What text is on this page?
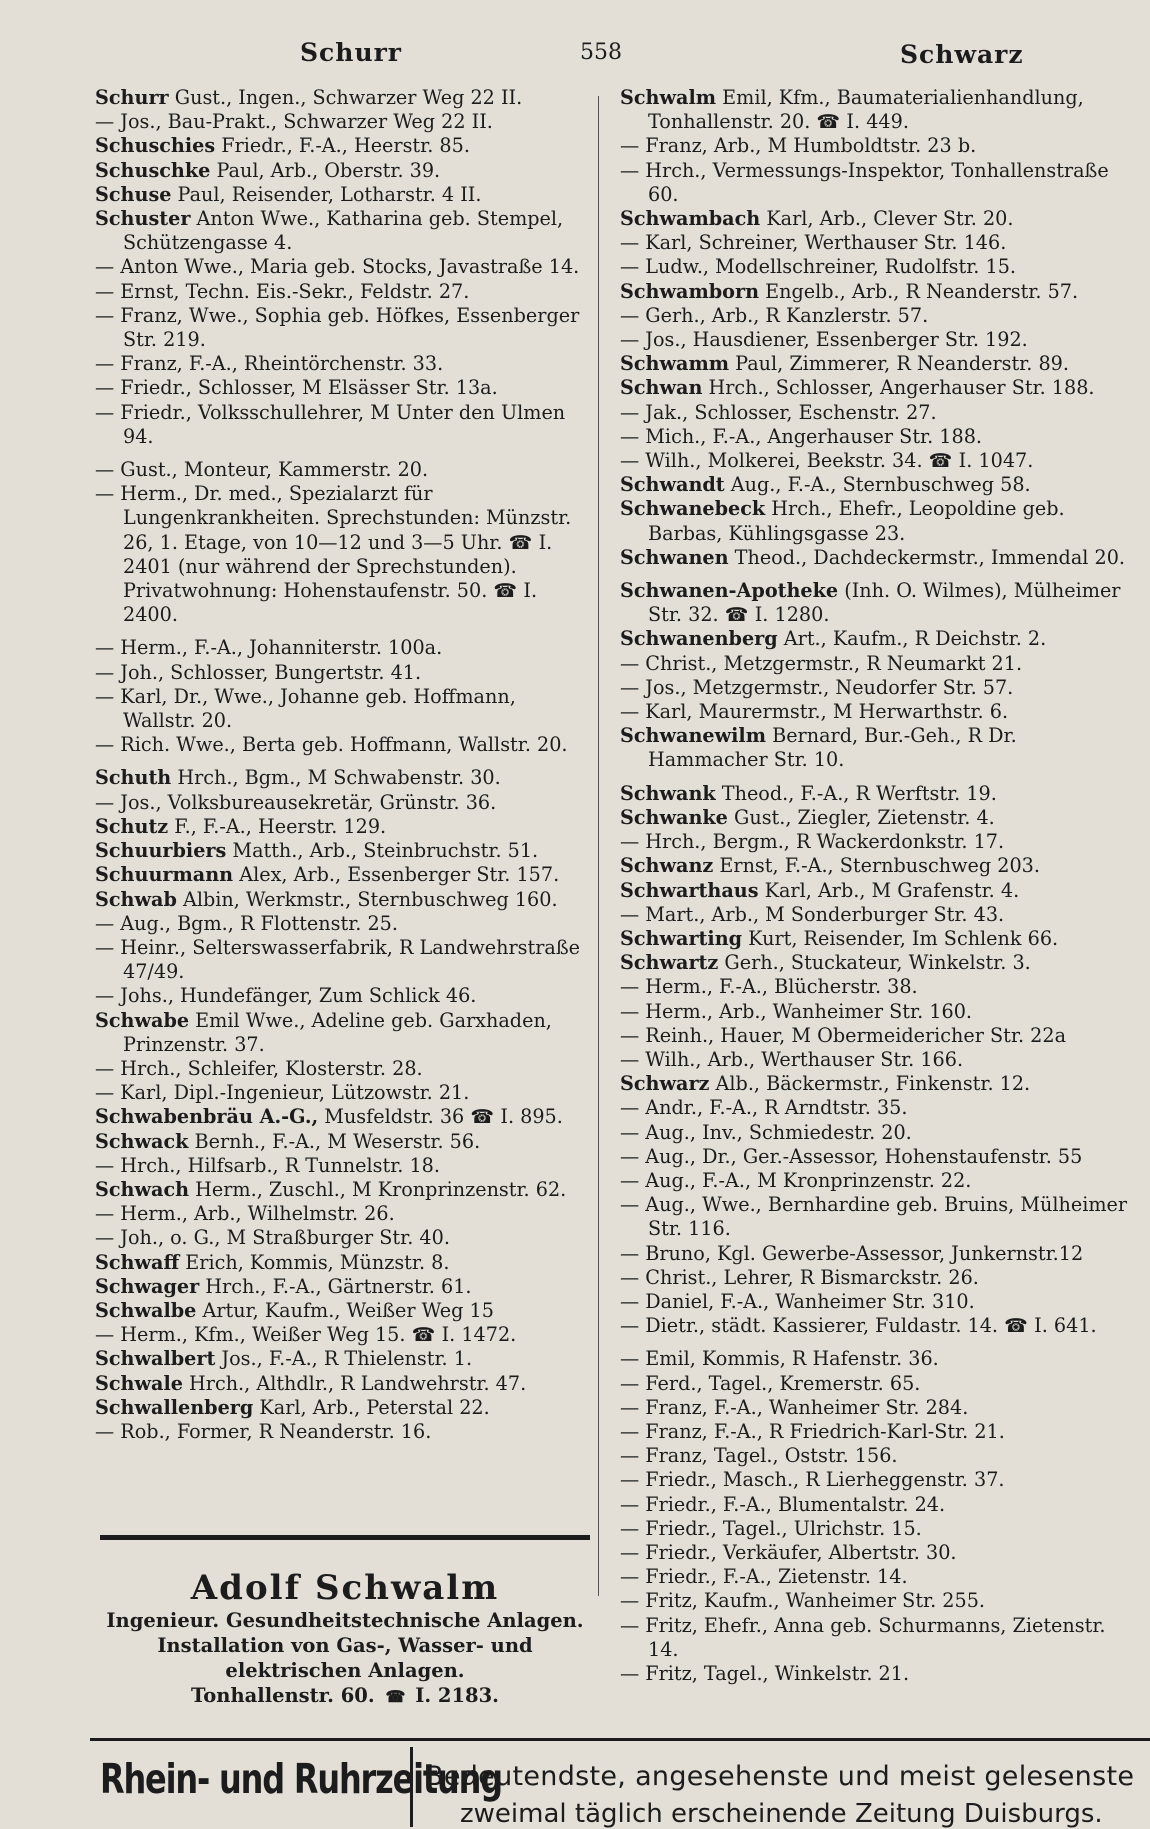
Schurr	558	Schwarz
Schurr Gust., Ingen., Schwarzer Weg 22 II.
— Jos., Bau-Prakt., Schwarzer Weg 22 II.
Schuschies Friedr., F.-A., Heerstr. 85.
Schuschke Paul, Arb., Oberstr. 39.
Schuse Paul, Reisender, Lotharstr. 4 II.
Schuster Anton Wwe., Katharina geb. Stempel, Schützengasse 4.
— Anton Wwe., Maria geb. Stocks, Javastraße 14.
— Ernst, Techn. Eis.-Sekr., Feldstr. 27.
— Franz, Wwe., Sophia geb. Höfkes, Essenberger Str. 219.
— Franz, F.-A., Rheintörchenstr. 33.
— Friedr., Schlosser, M Elsässer Str. 13a.
— Friedr., Volksschullehrer, M Unter den Ulmen 94.
— Gust., Monteur, Kammerstr. 20.
— Herm., Dr. med., Spezialarzt für Lungenkrankheiten. Sprechstunden: Münzstr. 26, 1. Etage, von 10—12 und 3—5 Uhr. ☎ I. 2401 (nur während der Sprechstunden). Privatwohnung: Hohenstaufenstr. 50. ☎ I. 2400.
— Herm., F.-A., Johanniterstr. 100a.
— Joh., Schlosser, Bungertstr. 41.
— Karl, Dr., Wwe., Johanne geb. Hoffmann, Wallstr. 20.
— Rich. Wwe., Berta geb. Hoffmann, Wallstr. 20.
Schuth Hrch., Bgm., M Schwabenstr. 30.
— Jos., Volksbureausekretär, Grünstr. 36.
Schutz F., F.-A., Heerstr. 129.
Schuurbiers Matth., Arb., Steinbruchstr. 51.
Schuurmann Alex, Arb., Essenberger Str. 157.
Schwab Albin, Werkmstr., Sternbuschweg 160.
— Aug., Bgm., R Flottenstr. 25.
— Heinr., Selterswasserfabrik, R Landwehrstraße 47/49.
— Johs., Hundefänger, Zum Schlick 46.
Schwabe Emil Wwe., Adeline geb. Garxhaden, Prinzenstr. 37.
— Hrch., Schleifer, Klosterstr. 28.
— Karl, Dipl.-Ingenieur, Lützowstr. 21.
Schwabenbräu A.-G., Musfeldstr. 36 ☎ I. 895.
Schwack Bernh., F.-A., M Weserstr. 56.
— Hrch., Hilfsarb., R Tunnelstr. 18.
Schwach Herm., Zuschl., M Kronprinzenstr. 62.
— Herm., Arb., Wilhelmstr. 26.
— Joh., o. G., M Straßburger Str. 40.
Schwaff Erich, Kommis, Münzstr. 8.
Schwager Hrch., F.-A., Gärtnerstr. 61.
Schwalbe Artur, Kaufm., Weißer Weg 15
— Herm., Kfm., Weißer Weg 15. ☎ I. 1472.
Schwalbert Jos., F.-A., R Thielenstr. 1.
Schwale Hrch., Althdlr., R Landwehrstr. 47.
Schwallenberg Karl, Arb., Peterstal 22.
— Rob., Former, R Neanderstr. 16.
Schwalm Emil, Kfm., Baumaterialienhandlung, Tonhallenstr. 20. ☎ I. 449.
— Franz, Arb., M Humboldtstr. 23 b.
— Hrch., Vermessungs-Inspektor, Tonhallenstraße 60.
Schwambach Karl, Arb., Clever Str. 20.
— Karl, Schreiner, Werthauser Str. 146.
— Ludw., Modellschreiner, Rudolfstr. 15.
Schwamborn Engelb., Arb., R Neanderstr. 57.
— Gerh., Arb., R Kanzlerstr. 57.
— Jos., Hausdiener, Essenberger Str. 192.
Schwamm Paul, Zimmerer, R Neanderstr. 89.
Schwan Hrch., Schlosser, Angerhauser Str. 188.
— Jak., Schlosser, Eschenstr. 27.
— Mich., F.-A., Angerhauser Str. 188.
— Wilh., Molkerei, Beekstr. 34. ☎ I. 1047.
Schwandt Aug., F.-A., Sternbuschweg 58.
Schwanebeck Hrch., Ehefr., Leopoldine geb. Barbas, Kühlingsgasse 23.
Schwanen Theod., Dachdeckermstr., Immendal 20.
Schwanen-Apotheke (Inh. O. Wilmes), Mülheimer Str. 32. ☎ I. 1280.
Schwanenberg Art., Kaufm., R Deichstr. 2.
— Christ., Metzgermstr., R Neumarkt 21.
— Jos., Metzgermstr., Neudorfer Str. 57.
— Karl, Maurermstr., M Herwarthstr. 6.
Schwanewilm Bernard, Bur.-Geh., R Dr. Hammacher Str. 10.
Schwank Theod., F.-A., R Werftstr. 19.
Schwanke Gust., Ziegler, Zietenstr. 4.
— Hrch., Bergm., R Wackerdonkstr. 17.
Schwanz Ernst, F.-A., Sternbuschweg 203.
Schwarthaus Karl, Arb., M Grafenstr. 4.
— Mart., Arb., M Sonderburger Str. 43.
Schwarting Kurt, Reisender, Im Schlenk 66.
Schwartz Gerh., Stuckateur, Winkelstr. 3.
— Herm., F.-A., Blücherstr. 38.
— Herm., Arb., Wanheimer Str. 160.
— Reinh., Hauer, M Obermeidericher Str. 22a
— Wilh., Arb., Werthauser Str. 166.
Schwarz Alb., Bäckermstr., Finkenstr. 12.
— Andr., F.-A., R Arndtstr. 35.
— Aug., Inv., Schmiedestr. 20.
— Aug., Dr., Ger.-Assessor, Hohenstaufenstr. 55
— Aug., F.-A., M Kronprinzenstr. 22.
— Aug., Wwe., Bernhardine geb. Bruins, Mülheimer Str. 116.
— Bruno, Kgl. Gewerbe-Assessor, Junkernstr.12
— Christ., Lehrer, R Bismarckstr. 26.
— Daniel, F.-A., Wanheimer Str. 310.
— Dietr., städt. Kassierer, Fuldastr. 14. ☎ I. 641.
— Emil, Kommis, R Hafenstr. 36.
— Ferd., Tagel., Kremerstr. 65.
— Franz, F.-A., Wanheimer Str. 284.
— Franz, F.-A., R Friedrich-Karl-Str. 21.
— Franz, Tagel., Oststr. 156.
— Friedr., Masch., R Lierheggenstr. 37.
— Friedr., F.-A., Blumentalstr. 24.
— Friedr., Tagel., Ulrichstr. 15.
— Friedr., Verkäufer, Albertstr. 30.
— Friedr., F.-A., Zietenstr. 14.
— Fritz, Kaufm., Wanheimer Str. 255.
— Fritz, Ehefr., Anna geb. Schurmanns, Zietenstr. 14.
— Fritz, Tagel., Winkelstr. 21.
Adolf Schwalm
Ingenieur. Gesundheitstechnische Anlagen.
Installation von Gas-, Wasser- und elektrischen Anlagen.
Tonhallenstr. 60. ☎ I. 2183.
Rhein- und Ruhrzeitung
Bedeutendste, angesehenste und meist gelesenste
zweimal täglich erscheinende Zeitung Duisburgs.
